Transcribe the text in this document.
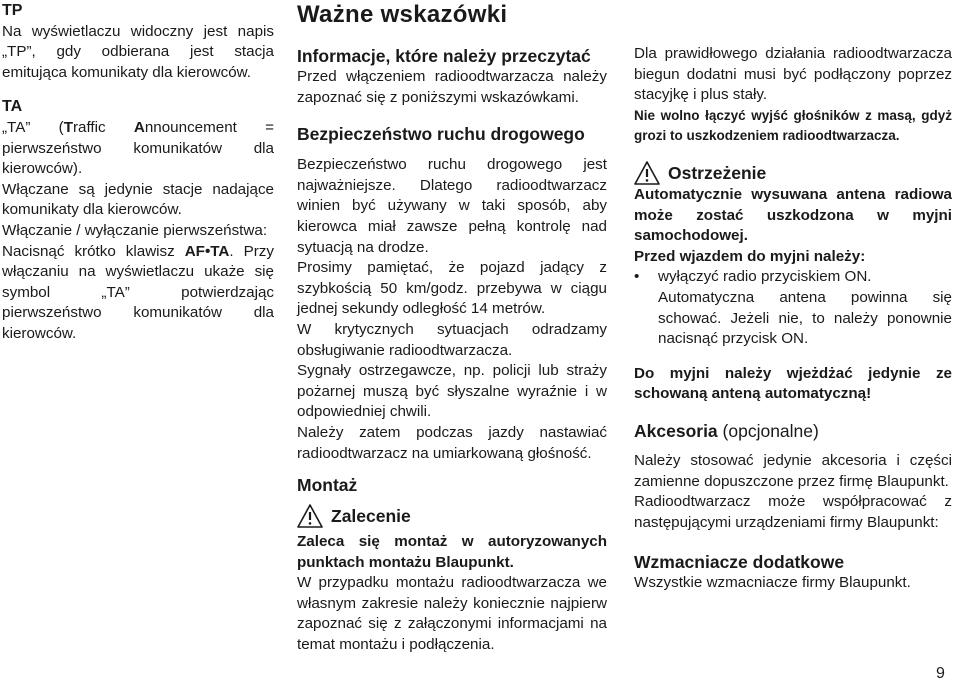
TP

Na wyświetlaczu widoczny jest napis „TP”, gdy odbierana jest stacja emitująca komunikaty dla kierowców.

TA

„TA” (Traffic Announcement = pierwszeństwo komunikatów dla kierowców).

Włączane są jedynie stacje nadające komunikaty dla kierowców.

Włączanie / wyłączanie pierwszeństwa:

Nacisnąć krótko klawisz AF•TA. Przy włączaniu na wyświetlaczu ukaże się symbol „TA” potwierdzając pierwszeństwo komunikatów dla kierowców.

Ważne wskazówki

Informacje, które należy przeczytać

Przed włączeniem radioodtwarzacza należy zapoznać się z poniższymi wskazówkami.

Bezpieczeństwo ruchu drogowego

Bezpieczeństwo ruchu drogowego jest najważniejsze. Dlatego radioodtwarzacz winien być używany w taki sposób, aby kierowca miał zawsze pełną kontrolę nad sytuacją na drodze.

Prosimy pamiętać, że pojazd jadący z szybkością 50 km/godz. przebywa w ciągu jednej sekundy odległość 14 metrów.

W krytycznych sytuacjach odradzamy obsługiwanie radioodtwarzacza.

Sygnały ostrzegawcze, np. policji lub straży pożarnej muszą być słyszalne wyraźnie i w odpowiedniej chwili.

Należy zatem podczas jazdy nastawiać radioodtwarzacz na umiarkowaną głośność.

Montaż

Zalecenie

Zaleca się montaż w autoryzowanych punktach montażu Blaupunkt.

W przypadku montażu radioodtwarzacza we własnym zakresie należy koniecznie najpierw zapoznać się z załączonymi informacjami na temat montażu i podłączenia.

Dla prawidłowego działania radioodtwarzacza biegun dodatni musi być podłączony poprzez stacyjkę i plus stały.

Nie wolno łączyć wyjść głośników z masą, gdyż grozi to uszkodzeniem radioodtwarzacza.

Ostrzeżenie

Automatycznie wysuwana antena radiowa może zostać uszkodzona w myjni samochodowej.

Przed wjazdem do myjni należy:

•	wyłączyć radio przyciskiem ON.

Automatyczna antena powinna się schować. Jeżeli nie, to należy ponownie nacisnąć przycisk ON.

Do myjni należy wjeżdżać jedynie ze schowaną anteną automatyczną!

Akcesoria (opcjonalne)

Należy stosować jedynie akcesoria i części zamienne dopuszczone przez firmę Blaupunkt.

Radioodtwarzacz może współpracować z następującymi urządzeniami firmy Blaupunkt:

Wzmacniacze dodatkowe

Wszystkie wzmacniacze firmy Blaupunkt.

9
